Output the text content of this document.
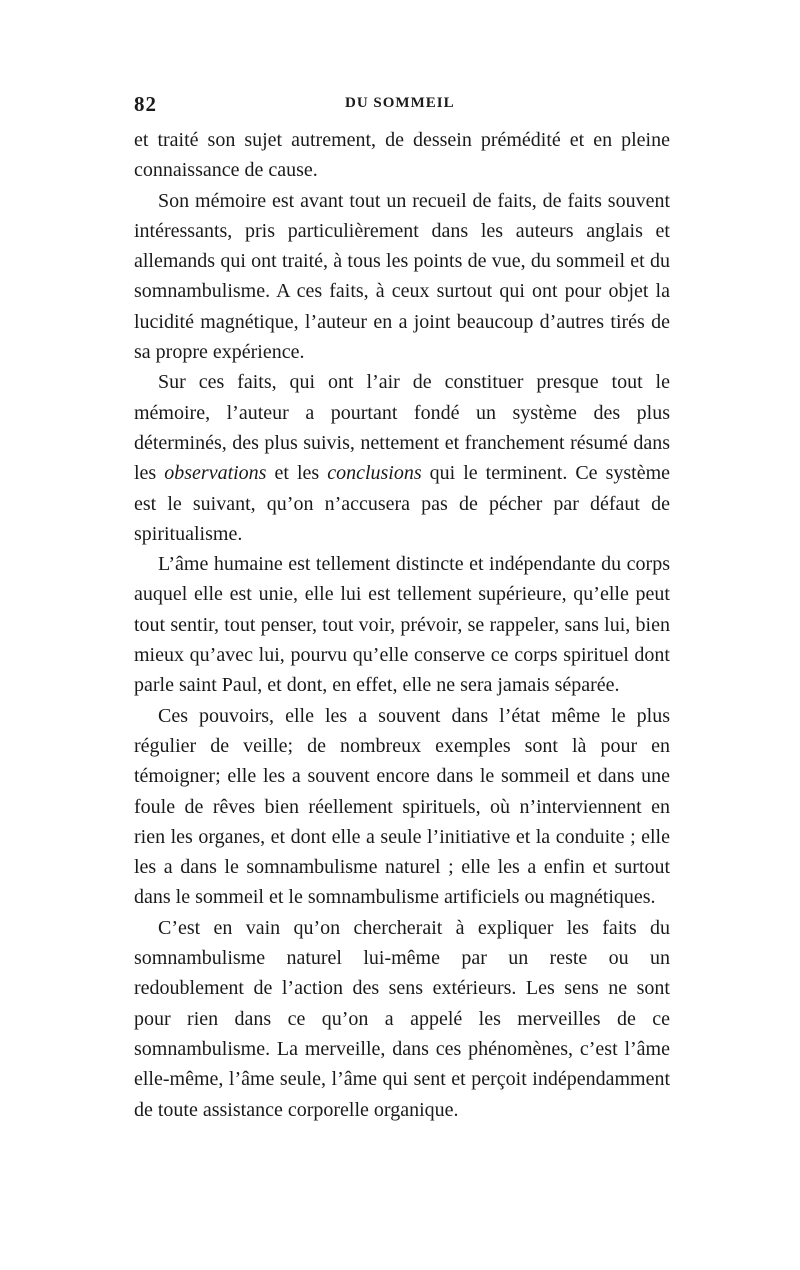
82	DU SOMMEIL

et traité son sujet autrement, de dessein prémédité et en pleine connaissance de cause.

Son mémoire est avant tout un recueil de faits, de faits souvent intéressants, pris particulièrement dans les auteurs anglais et allemands qui ont traité, à tous les points de vue, du sommeil et du somnambulisme. A ces faits, à ceux surtout qui ont pour objet la lucidité magnétique, l’auteur en a joint beaucoup d’autres tirés de sa propre expérience.

Sur ces faits, qui ont l’air de constituer presque tout le mémoire, l’auteur a pourtant fondé un système des plus déterminés, des plus suivis, nettement et franchement résumé dans les observations et les conclusions qui le terminent. Ce système est le suivant, qu’on n’accusera pas de pécher par défaut de spiritualisme.

L’âme humaine est tellement distincte et indépendante du corps auquel elle est unie, elle lui est tellement supérieure, qu’elle peut tout sentir, tout penser, tout voir, prévoir, se rappeler, sans lui, bien mieux qu’avec lui, pourvu qu’elle conserve ce corps spirituel dont parle saint Paul, et dont, en effet, elle ne sera jamais séparée.

Ces pouvoirs, elle les a souvent dans l’état même le plus régulier de veille; de nombreux exemples sont là pour en témoigner; elle les a souvent encore dans le sommeil et dans une foule de rêves bien réellement spirituels, où n’interviennent en rien les organes, et dont elle a seule l’initiative et la conduite ; elle les a dans le somnambulisme naturel ; elle les a enfin et surtout dans le sommeil et le somnambulisme artificiels ou magnétiques.

C’est en vain qu’on chercherait à expliquer les faits du somnambulisme naturel lui-même par un reste ou un redoublement de l’action des sens extérieurs. Les sens ne sont pour rien dans ce qu’on a appelé les merveilles de ce somnambulisme. La merveille, dans ces phénomènes, c’est l’âme elle-même, l’âme seule, l’âme qui sent et perçoit indépendamment de toute assistance corporelle organique.
